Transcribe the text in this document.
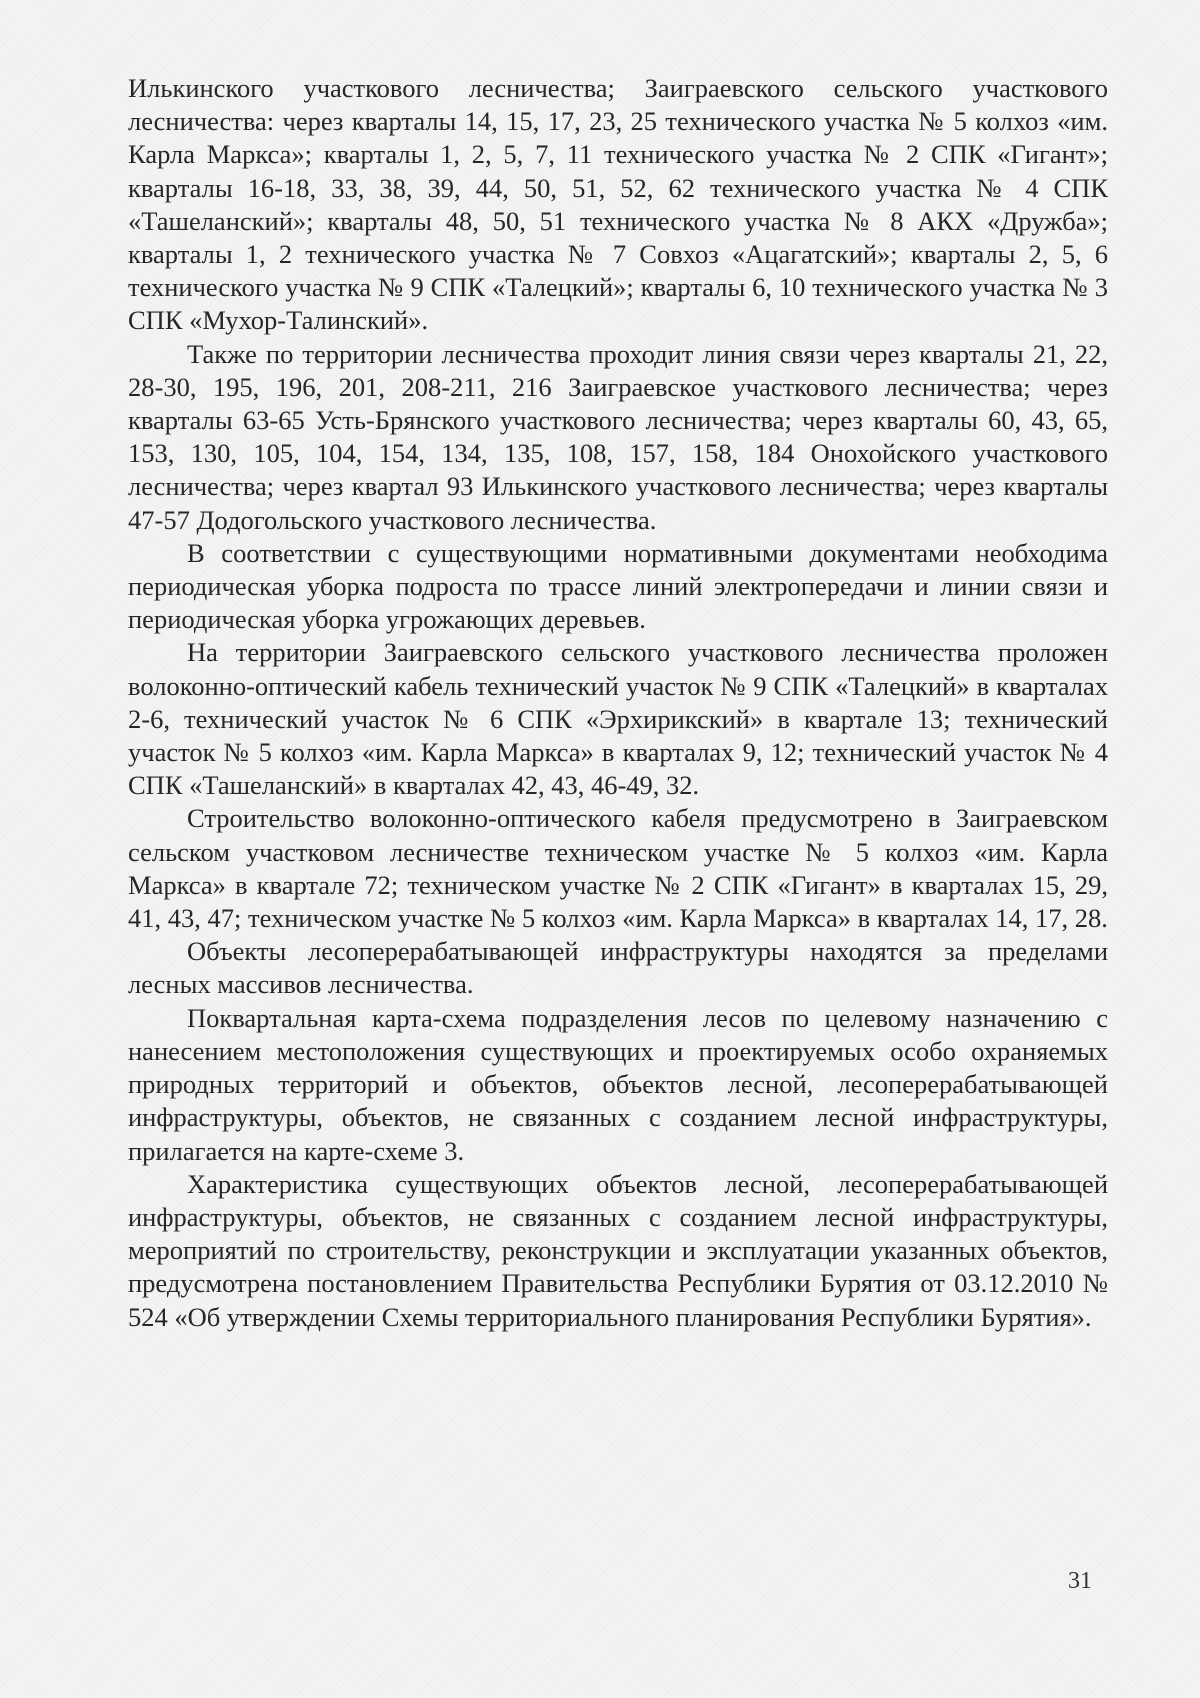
Илькинского участкового лесничества; Заиграевского сельского участкового лесничества: через кварталы 14, 15, 17, 23, 25 технического участка № 5 колхоз «им. Карла Маркса»; кварталы 1, 2, 5, 7, 11 технического участка № 2 СПК «Гигант»; кварталы 16-18, 33, 38, 39, 44, 50, 51, 52, 62 технического участка № 4 СПК «Ташеланский»; кварталы 48, 50, 51 технического участка № 8 АКХ «Дружба»; кварталы 1, 2 технического участка № 7 Совхоз «Ацагатский»; кварталы 2, 5, 6 технического участка № 9 СПК «Талецкий»; кварталы 6, 10 технического участка № 3 СПК «Мухор-Талинский».

Также по территории лесничества проходит линия связи через кварталы 21, 22, 28-30, 195, 196, 201, 208-211, 216 Заиграевское участкового лесничества; через кварталы 63-65 Усть-Брянского участкового лесничества; через кварталы 60, 43, 65, 153, 130, 105, 104, 154, 134, 135, 108, 157, 158, 184 Онохойского участкового лесничества; через квартал 93 Илькинского участкового лесничества; через кварталы 47-57 Додогольского участкового лесничества.

В соответствии с существующими нормативными документами необходима периодическая уборка подроста по трассе линий электропередачи и линии связи и периодическая уборка угрожающих деревьев.

На территории Заиграевского сельского участкового лесничества проложен волоконно-оптический кабель технический участок № 9 СПК «Талецкий» в кварталах 2-6, технический участок № 6 СПК «Эрхирикский» в квартале 13; технический участок № 5 колхоз «им. Карла Маркса» в кварталах 9, 12; технический участок № 4 СПК «Ташеланский» в кварталах 42, 43, 46-49, 32.

Строительство волоконно-оптического кабеля предусмотрено в Заиграевском сельском участковом лесничестве техническом участке № 5 колхоз «им. Карла Маркса» в квартале 72; техническом участке № 2 СПК «Гигант» в кварталах 15, 29, 41, 43, 47; техническом участке № 5 колхоз «им. Карла Маркса» в кварталах 14, 17, 28.

Объекты лесоперерабатывающей инфраструктуры находятся за пределами лесных массивов лесничества.

Поквартальная карта-схема подразделения лесов по целевому назначению с нанесением местоположения существующих и проектируемых особо охраняемых природных территорий и объектов, объектов лесной, лесоперерабатывающей инфраструктуры, объектов, не связанных с созданием лесной инфраструктуры, прилагается на карте-схеме 3.

Характеристика существующих объектов лесной, лесоперерабатывающей инфраструктуры, объектов, не связанных с созданием лесной инфраструктуры, мероприятий по строительству, реконструкции и эксплуатации указанных объектов, предусмотрена постановлением Правительства Республики Бурятия от 03.12.2010 № 524 «Об утверждении Схемы территориального планирования Республики Бурятия».

31
